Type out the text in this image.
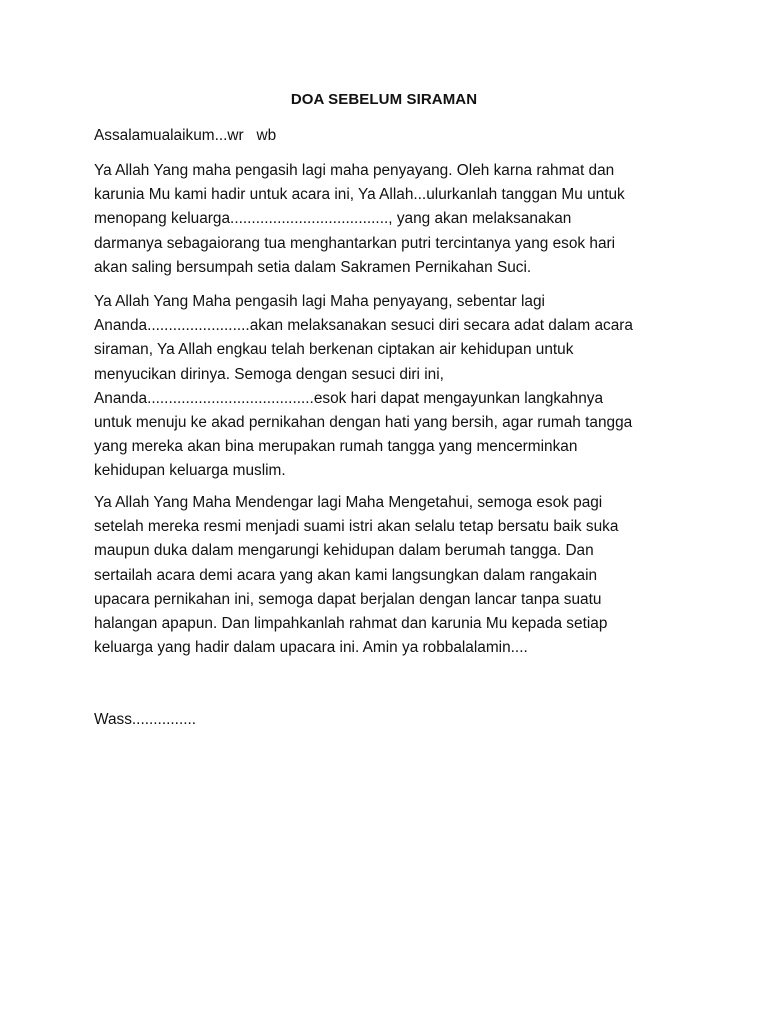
DOA SEBELUM SIRAMAN
Assalamualaikum...wr   wb
Ya Allah Yang maha pengasih lagi maha penyayang. Oleh karna rahmat dan
karunia Mu kami hadir untuk acara ini, Ya Allah...ulurkanlah tanggan Mu untuk
menopang keluarga....................................., yang akan melaksanakan
darmanya sebagaiorang tua menghantarkan putri tercintanya yang esok hari
akan saling bersumpah setia dalam Sakramen Pernikahan Suci.
Ya Allah Yang Maha pengasih lagi Maha penyayang, sebentar lagi
Ananda........................akan melaksanakan sesuci diri secara adat dalam acara
siraman, Ya Allah engkau telah berkenan ciptakan air kehidupan untuk
menyucikan dirinya. Semoga dengan sesuci diri ini,
Ananda.......................................esok hari dapat mengayunkan langkahnya
untuk menuju ke akad pernikahan dengan hati yang bersih, agar rumah tangga
yang mereka akan bina merupakan rumah tangga yang mencerminkan
kehidupan keluarga muslim.
Ya Allah Yang Maha Mendengar lagi Maha Mengetahui, semoga esok pagi
setelah mereka resmi menjadi suami istri akan selalu tetap bersatu baik suka
maupun duka dalam mengarungi kehidupan dalam berumah tangga. Dan
sertailah acara demi acara yang akan kami langsungkan dalam rangakain
upacara pernikahan ini, semoga dapat berjalan dengan lancar tanpa suatu
halangan apapun. Dan limpahkanlah rahmat dan karunia Mu kepada setiap
keluarga yang hadir dalam upacara ini. Amin ya robbalalamin....
Wass...............
